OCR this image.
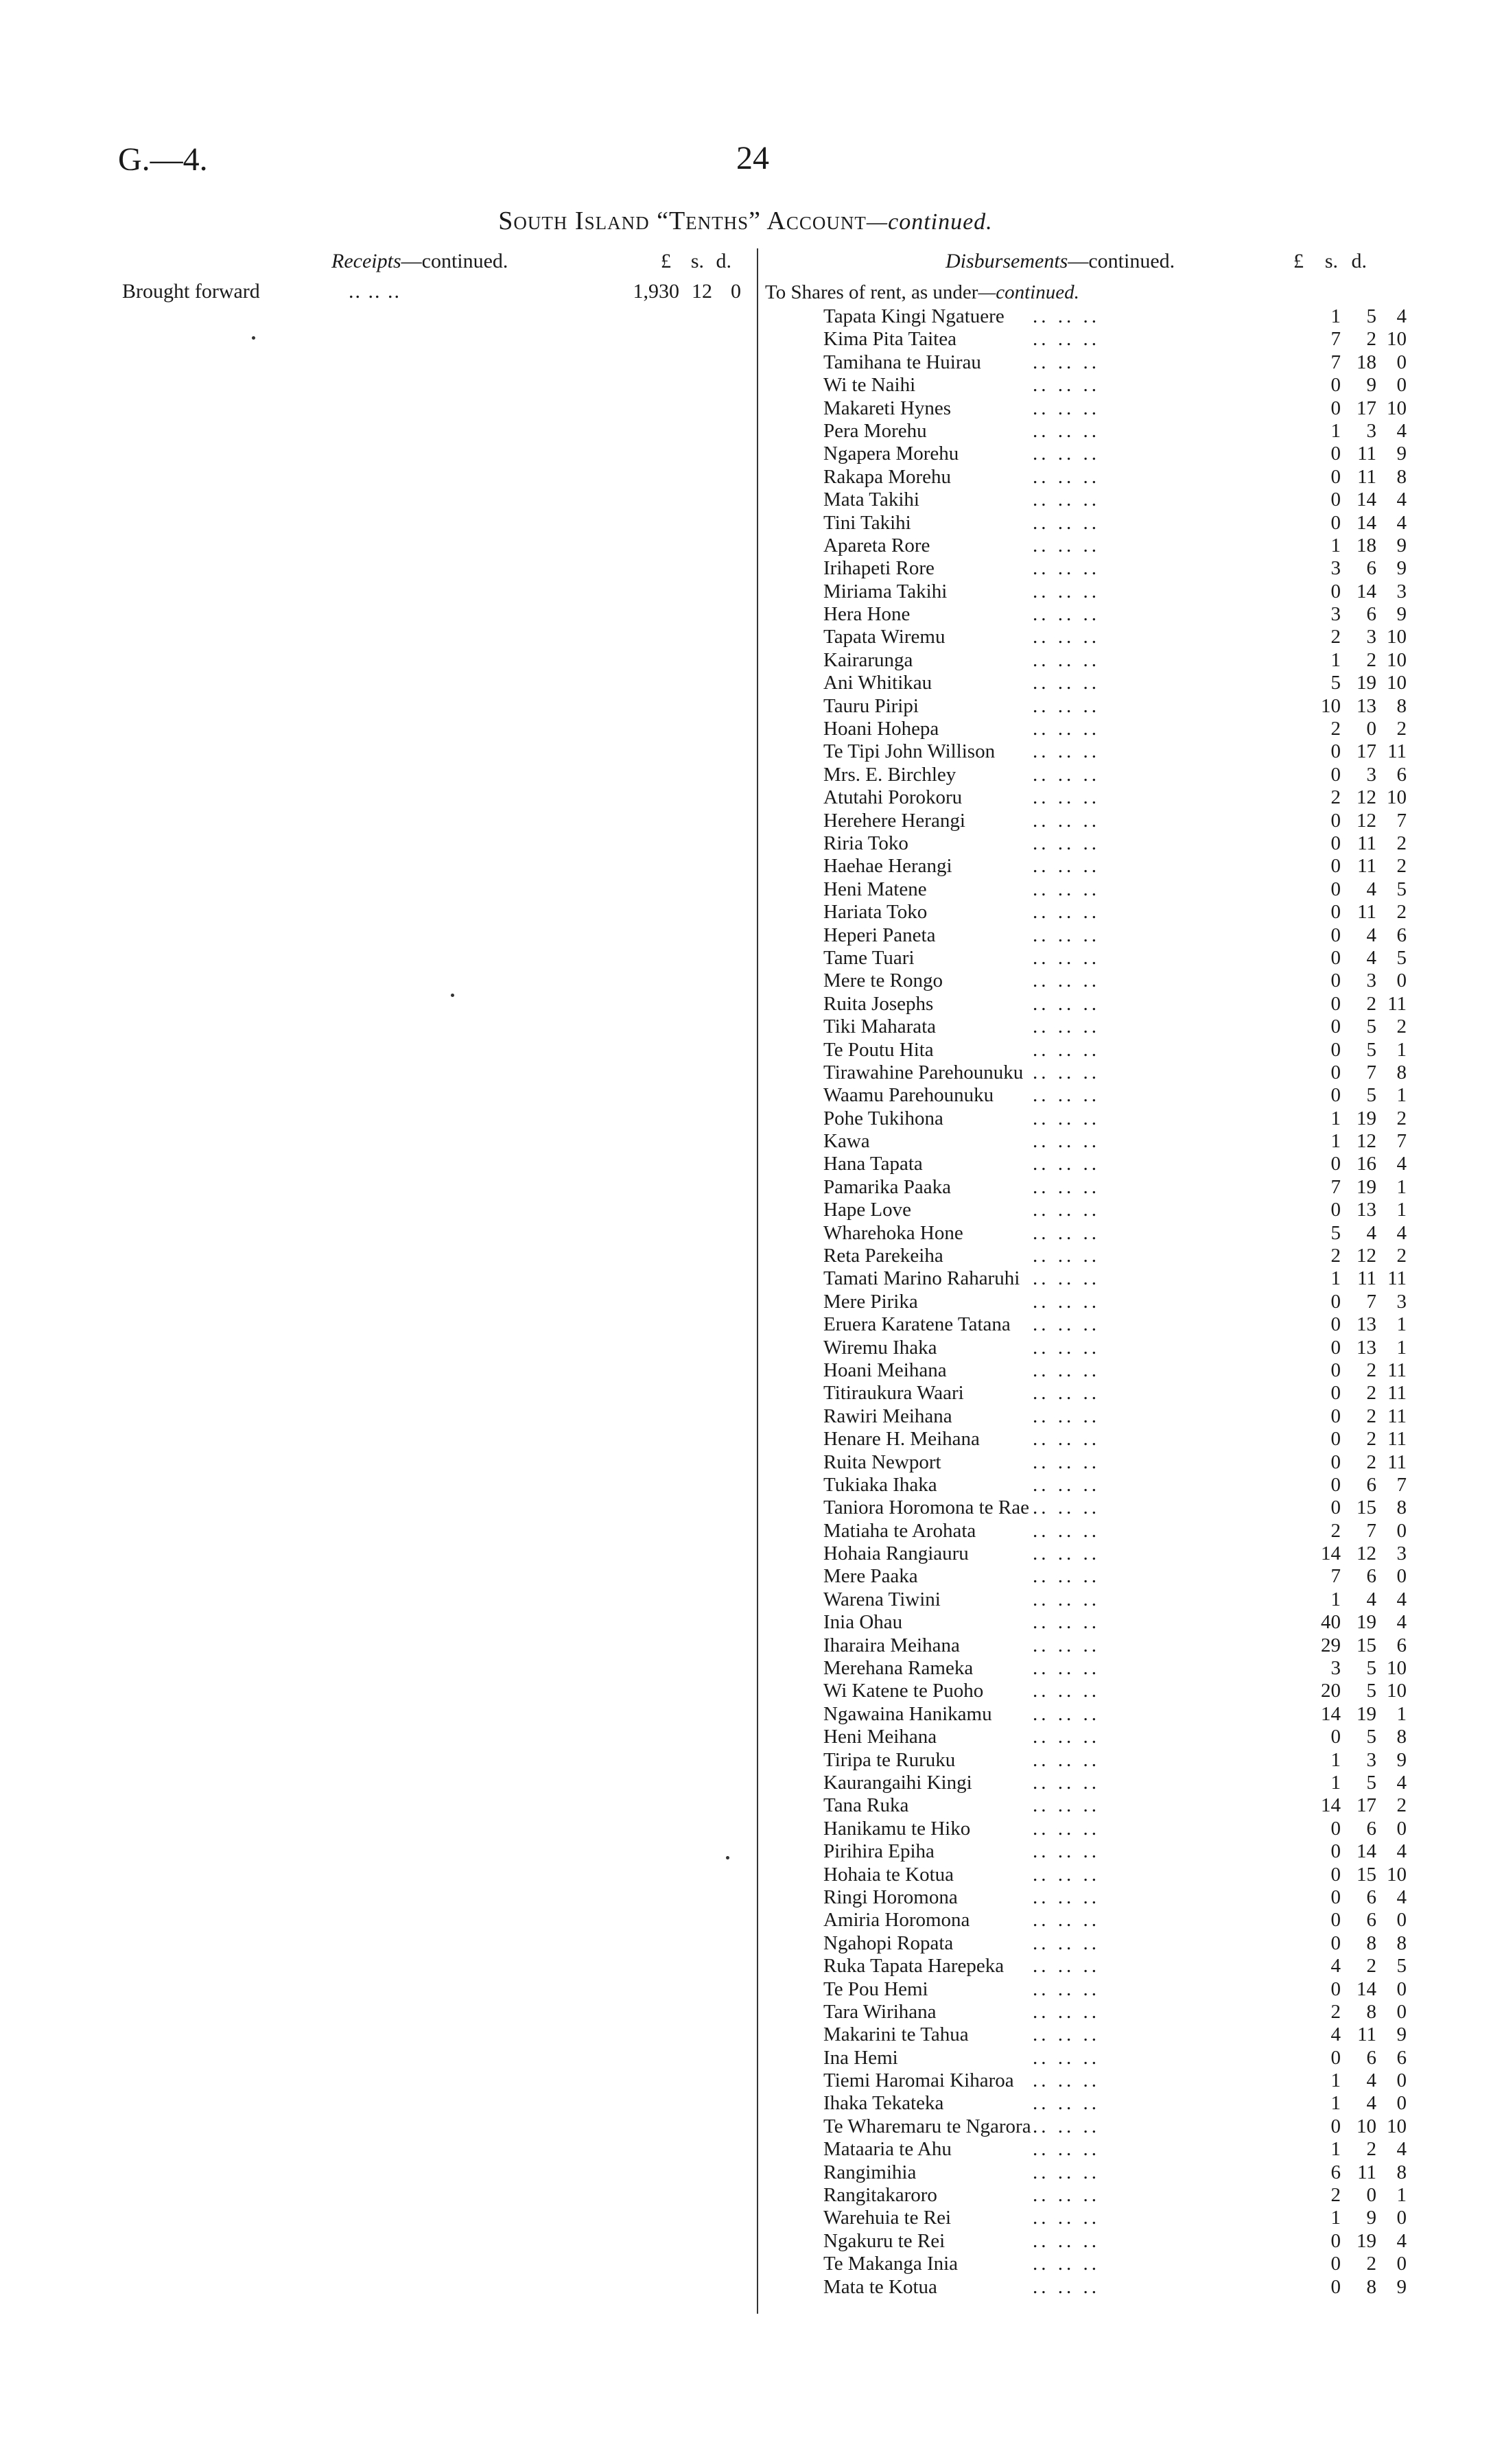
G.—4.	24
South Island “Tenths” Account—continued.
Receipts—continued.	£ s. d.	Disbursements—continued.	£ s. d.
Brought forward	.. .. ..	1,930 12 0 To Shares of rent, as under—continued.
Tapata Kingi Ngatuere .. .. ..	1	5	4
Kima Pita Taitea	.. .. ..	7	2 10
Tamihana te Huirau	.. .. ..	7 18	0
Wi te Naihi	.. .. ..	0	9	0
Makareti Hynes	.. .. ..	0 17 10
Pera Morehu	.. .. ..	1	3	4
Ngapera Morehu	.. .. ..	0 11	9
Rakapa Morehu	.. .. ..	0 11	8
Mata Takihi	.. .. ..	0 14	4
Tini Takihi	.. .. ..	0 14	4
Apareta Rore	.. .. ..	1 18	9
Irihapeti Rore	.. .. ..	3	6	9
Miriama Takihi	.. .. ..	0 14	3
Hera Hone	.. .. ..	3	6	9
Tapata Wiremu	.. .. ..	2	3 10
Kairarunga	.. .. ..	1	2 10
Ani Whitikau	.. .. ..	5 19 10
Tauru Piripi	.. .. ..	10 13	8
Hoani Hohepa	.. .. ..	2	0	2
Te Tipi John Willison .. .. ..	0 17 11
Mrs. E. Birchley	.. .. ..	0	3	6
Atutahi Porokoru	.. .. ..	2 12 10
Herehere Herangi	.. .. ..	0 12	7
Riria Toko	.. .. ..	0 11	2
Haehae Herangi	.. .. ..	0 11	2
Heni Matene	.. .. ..	0	4	5
Hariata Toko	.. .. ..	0 11	2
Heperi Paneta	.. .. ..	0	4	6
Tame Tuari	.. .. ..	0	4	5
Mere te Rongo	.. .. ..	0	3	0
Ruita Josephs	.. .. ..	0	2 11
Tiki Maharata	.. .. ..	0	5	2
Te Poutu Hita	.. .. ..	0	5	1
Tirawahine Parehounuku .. .. ..	0	7	8
Waamu Parehounuku .. .. ..	0	5	1
Pohe Tukihona	.. .. ..	1 19	2
Kawa	.. .. ..	1 12	7
Hana Tapata	.. .. ..	0 16	4
Pamarika Paaka	.. .. ..	7 19	1
Hape Love	.. .. ..	0 13	1
Wharehoka Hone	.. .. ..	5	4	4
Reta Parekeiha	.. .. ..	2 12	2
Tamati Marino Raharuhi .. .. ..	1 11 11
Mere Pirika	.. .. ..	0	7	3
Eruera Karatene Tatana .. .. ..	0 13	1
Wiremu Ihaka	.. .. ..	0 13	1
Hoani Meihana	.. .. ..	0	2 11
Titiraukura Waari	.. .. ..	0	2 11
Rawiri Meihana	.. .. ..	0	2 11
Henare H. Meihana	.. .. ..	0	2 11
Ruita Newport	.. .. ..	0	2 11
Tukiaka Ihaka	.. .. ..	0	6	7
Taniora Horomona te Rae .. .. ..	0 15	8
Matiaha te Arohata	.. .. ..	2	7	0
Hohaia Rangiauru	.. .. ..	14 12	3
Mere Paaka	.. .. ..	7	6	0
Warena Tiwini	.. .. ..	1	4	4
Inia Ohau	.. .. ..	40 19	4
Iharaira Meihana	.. .. ..	29 15	6
Merehana Rameka	.. .. ..	3	5 10
Wi Katene te Puoho .. .. ..	20	5 10
Ngawaina Hanikamu .. .. ..	14 19	1
Heni Meihana	.. .. ..	0	5	8
Tiripa te Ruruku	.. .. ..	1	3	9
Kaurangaihi Kingi	.. .. ..	1	5	4
Tana Ruka	.. .. ..	14 17	2
Hanikamu te Hiko	.. .. ..	0	6	0
Pirihira Epiha	.. .. ..	0 14	4
Hohaia te Kotua	.. .. ..	0 15 10
Ringi Horomona	.. .. ..	0	6	4
Amiria Horomona	.. .. ..	0	6	0
Ngahopi Ropata	.. .. ..	0	8	8
Ruka Tapata Harepeka .. .. ..	4	2	5
Te Pou Hemi	.. .. ..	0 14	0
Tara Wirihana	.. .. ..	2	8	0
Makarini te Tahua	.. .. ..	4 11	9
Ina Hemi	.. .. ..	0	6	6
Tiemi Haromai Kiharoa .. .. ..	1	4	0
Ihaka Tekateka	.. .. ..	1	4	0
Te Wharemaru te Ngarora .. .. ..	0 10 10
Mataaria te Ahu	.. .. ..	1	2	4
Rangimihia	.. .. ..	6 11	8
Rangitakaroro	.. .. ..	2	0	1
Warehuia te Rei	.. .. ..	1	9	0
Ngakuru te Rei	.. .. ..	0 19	4
Te Makanga Inia	.. .. ..	0	2	0
Mata te Kotua	.. .. ..	0	8	9
